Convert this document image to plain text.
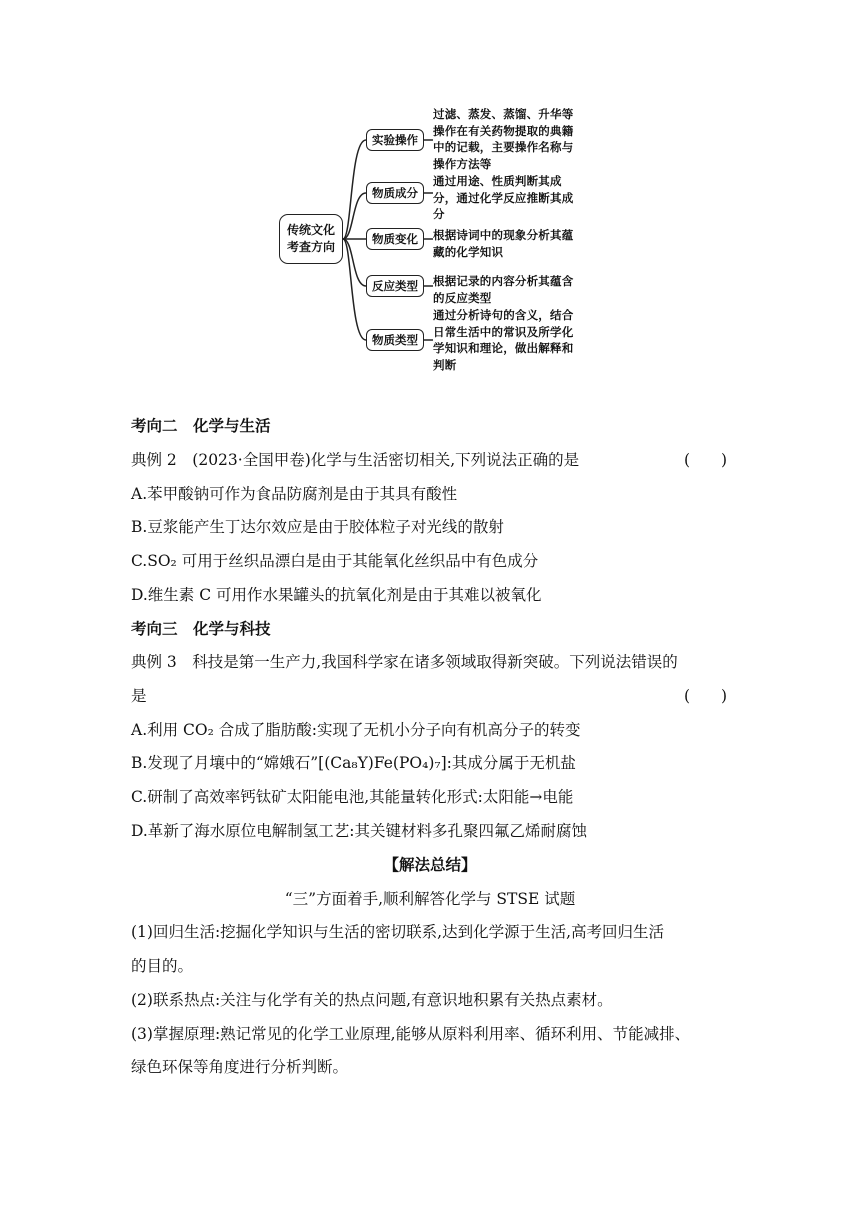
传统文化
考查方向
实验操作
过滤、蒸发、蒸馏、升华等操作在有关药物提取的典籍中的记载，主要操作名称与操作方法等
物质成分
通过用途、性质判断其成分，通过化学反应推断其成分
物质变化 根据诗词中的现象分析其蕴藏的化学知识
反应类型 根据记录的内容分析其蕴含的反应类型
物质类型
通过分析诗句的含义，结合日常生活中的常识及所学化学知识和理论，做出解释和判断
考向二　化学与生活
典例 2　(2023·全国甲卷)化学与生活密切相关,下列说法正确的是	(　　)
A.苯甲酸钠可作为食品防腐剂是由于其具有酸性
B.豆浆能产生丁达尔效应是由于胶体粒子对光线的散射
C.SO₂ 可用于丝织品漂白是由于其能氧化丝织品中有色成分
D.维生素 C 可用作水果罐头的抗氧化剂是由于其难以被氧化
考向三　化学与科技
典例 3　科技是第一生产力,我国科学家在诸多领域取得新突破。下列说法错误的
是	(　　)
A.利用 CO₂ 合成了脂肪酸:实现了无机小分子向有机高分子的转变
B.发现了月壤中的“嫦娥石”[(Ca₈Y)Fe(PO₄)₇]:其成分属于无机盐
C.研制了高效率钙钛矿太阳能电池,其能量转化形式:太阳能→电能
D.革新了海水原位电解制氢工艺:其关键材料多孔聚四氟乙烯耐腐蚀
【解法总结】
“三”方面着手,顺利解答化学与 STSE 试题
(1)回归生活:挖掘化学知识与生活的密切联系,达到化学源于生活,高考回归生活
的目的。
(2)联系热点:关注与化学有关的热点问题,有意识地积累有关热点素材。
(3)掌握原理:熟记常见的化学工业原理,能够从原料利用率、循环利用、节能减排、
绿色环保等角度进行分析判断。
